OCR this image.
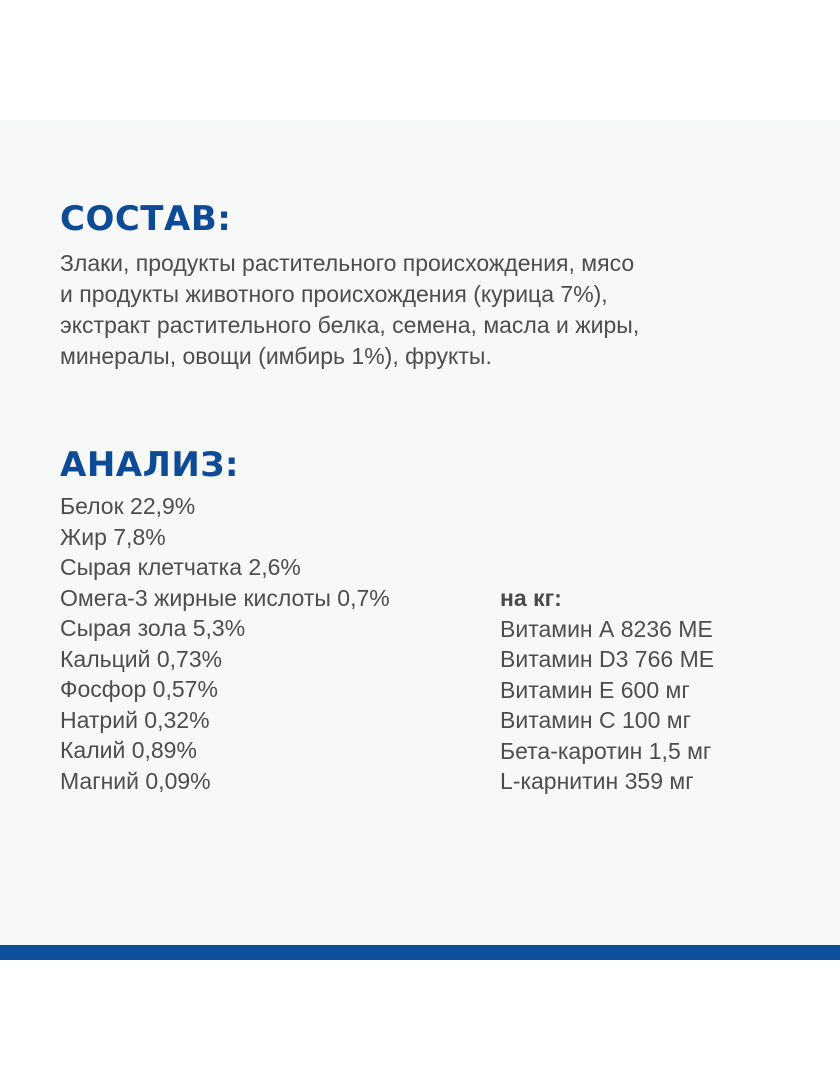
СОСТАВ:

Злаки, продукты растительного происхождения, мясо
и продукты животного происхождения (курица 7%),
экстракт растительного белка, семена, масла и жиры,
минералы, овощи (имбирь 1%), фрукты.

АНАЛИЗ:
Белок 22,9%
Жир 7,8%
Сырая клетчатка 2,6%
Омега-3 жирные кислоты 0,7%
Сырая зола 5,3%
Кальций 0,73%
Фосфор 0,57%
Натрий 0,32%
Калий 0,89%
Магний 0,09%
на кг:
Витамин А 8236 МЕ
Витамин D3 766 МЕ
Витамин Е 600 мг
Витамин С 100 мг
Бета-каротин 1,5 мг
L-карнитин 359 мг
